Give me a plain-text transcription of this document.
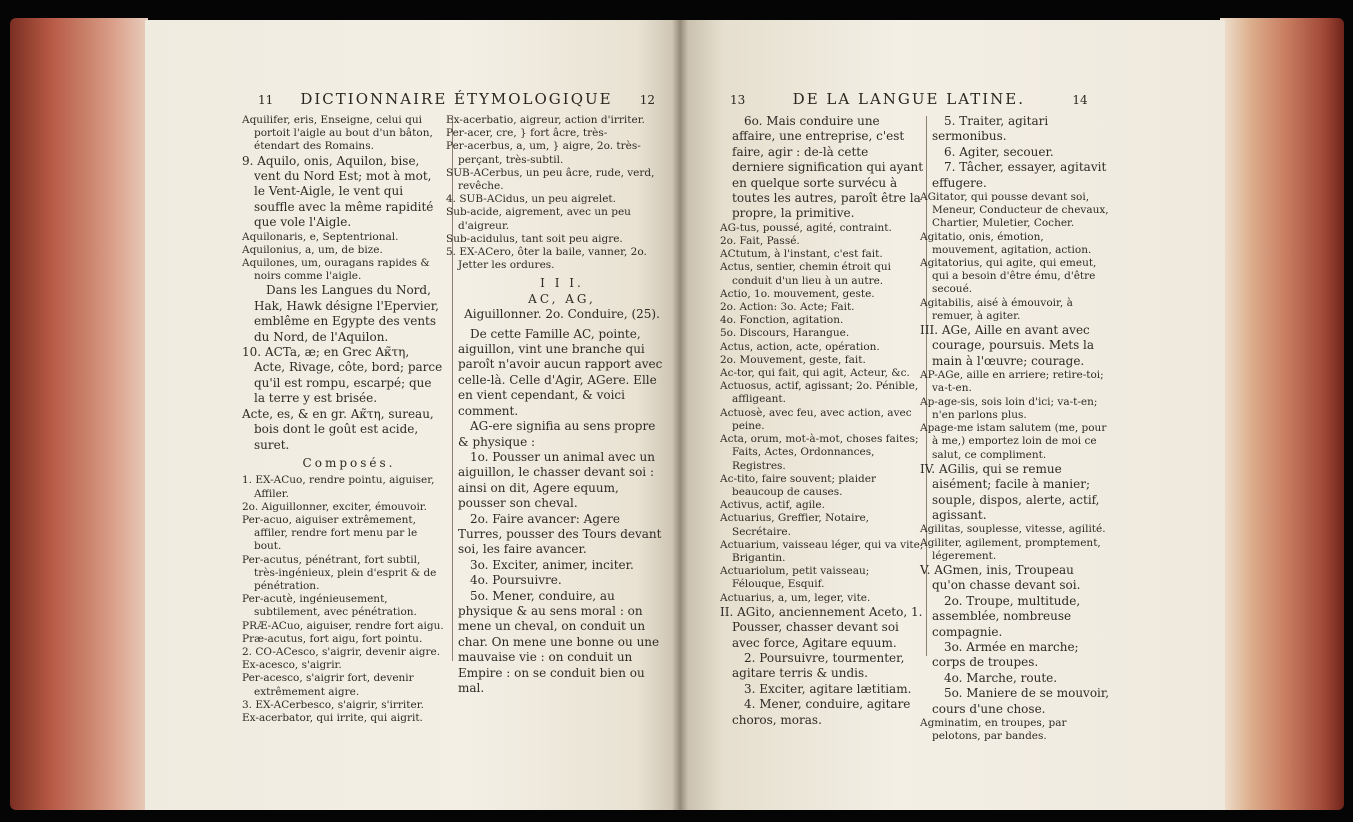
11 DICTIONNAIRE ÉTYMOLOGIQUE 12

Aquilifer, eris, Enseigne, celui qui portoit l'aigle au bout d'un bâton, étendart des Romains.

9. Aquilo, onis, Aquilon, bise, vent du Nord Est; mot à mot, le Vent-Aigle, le vent qui souffle avec la même rapidité que vole l'Aigle.

Aquilonaris, e, Septentrional.

Aquilonius, a, um, de bize.

Aquilones, um, ouragans rapides & noirs comme l'aigle.

Dans les Langues du Nord, Hak, Hawk désigne l'Epervier, emblême en Egypte des vents du Nord, de l'Aquilon.

10. ACTa, æ; en Grec Ακ̃τη, Acte, Rivage, côte, bord; parce qu'il est rompu, escarpé; que la terre y est brisée.

Acte, es, & en gr. Ακ̃τη, sureau, bois dont le goût est acide, suret.

Composés.

1. EX-ACuo, rendre pointu, aiguiser, Affiler.

2o. Aiguillonner, exciter, émouvoir.

Per-acuo, aiguiser extrêmement, affiler, rendre fort menu par le bout.

Per-acutus, pénétrant, fort subtil, très-ingénieux, plein d'esprit & de pénétration.

Per-acutè, ingénieusement, subtilement, avec pénétration.

PRÆ-ACuo, aiguiser, rendre fort aigu.

Præ-acutus, fort aigu, fort pointu.

2. CO-ACesco, s'aigrir, devenir aigre.

Ex-acesco, s'aigrir.

Per-acesco, s'aigrir fort, devenir extrêmement aigre.

3. EX-ACerbesco, s'aigrir, s'irriter.

Ex-acerbator, qui irrite, qui aigrit.

Ex-acerbatio, aigreur, action d'irriter.

Per-acer, cre, } fort âcre, très-

Per-acerbus, a, um, } aigre, 2o. très-perçant, très-subtil.

SUB-ACerbus, un peu âcre, rude, verd, revêche.

4. SUB-ACidus, un peu aigrelet.

Sub-acide, aigrement, avec un peu d'aigreur.

Sub-acidulus, tant soit peu aigre.

5. EX-ACero, ôter la baile, vanner, 2o. Jetter les ordures.

I I I.

AC, AG,

Aiguillonner. 2o. Conduire, (25).

De cette Famille AC, pointe, aiguillon, vint une branche qui paroît n'avoir aucun rapport avec celle-là. Celle d'Agir, AGere. Elle en vient cependant, & voici comment.

AG-ere signifia au sens propre & physique :

1o. Pousser un animal avec un aiguillon, le chasser devant soi : ainsi on dit, Agere equum, pousser son cheval.

2o. Faire avancer: Agere Turres, pousser des Tours devant soi, les faire avancer.

3o. Exciter, animer, inciter.

4o. Poursuivre.

5o. Mener, conduire, au physique & au sens moral : on mene un cheval, on conduit un char. On mene une bonne ou une mauvaise vie : on conduit un Empire : on se conduit bien ou mal.

13	DE LA LANGUE LATINE.	14

6o. Mais conduire une affaire, une entreprise, c'est faire, agir : de-là cette derniere signification qui ayant en quelque sorte survécu à toutes les autres, paroît être la propre, la primitive.

AG-tus, poussé, agité, contraint.

2o. Fait, Passé.

ACtutum, à l'instant, c'est fait.

Actus, sentier, chemin étroit qui conduit d'un lieu à un autre.

Actio, 1o. mouvement, geste.

2o. Action: 3o. Acte; Fait.

4o. Fonction, agitation.

5o. Discours, Harangue.

Actus, action, acte, opération.

2o. Mouvement, geste, fait.

Ac-tor, qui fait, qui agit, Acteur, &c.

Actuosus, actif, agissant; 2o. Pénible, affligeant.

Actuosè, avec feu, avec action, avec peine.

Acta, orum, mot-à-mot, choses faites; Faits, Actes, Ordonnances, Registres.

Ac-tito, faire souvent; plaider beaucoup de causes.

Activus, actif, agile.

Actuarius, Greffier, Notaire, Secrétaire.

Actuarium, vaisseau léger, qui va vite; Brigantin.

Actuariolum, petit vaisseau; Félouque, Esquif.

Actuarius, a, um, leger, vite.

II. AGito, anciennement Aceto, 1. Pousser, chasser devant soi avec force, Agitare equum.

2. Poursuivre, tourmenter, agitare terris & undis.

3. Exciter, agitare lætitiam.

4. Mener, conduire, agitare choros, moras.

5. Traiter, agitari sermonibus.

6. Agiter, secouer.

7. Tâcher, essayer, agitavit effugere.

AGitator, qui pousse devant soi, Meneur, Conducteur de chevaux, Chartier, Muletier, Cocher.

Agitatio, onis, émotion, mouvement, agitation, action.

Agitatorius, qui agite, qui emeut, qui a besoin d'être ému, d'être secoué.

Agitabilis, aisé à émouvoir, à remuer, à agiter.

III. AGe, Aille en avant avec courage, poursuis. Mets la main à l'œuvre; courage.

AP-AGe, aille en arriere; retire-toi; va-t-en.

Ap-age-sis, sois loin d'ici; va-t-en; n'en parlons plus.

Apage-me istam salutem (me, pour à me,) emportez loin de moi ce salut, ce compliment.

IV. AGilis, qui se remue aisément; facile à manier; souple, dispos, alerte, actif, agissant.

Agilitas, souplesse, vitesse, agilité.

Agiliter, agilement, promptement, légerement.

V. AGmen, inis, Troupeau qu'on chasse devant soi.

2o. Troupe, multitude, assemblée, nombreuse compagnie.

3o. Armée en marche; corps de troupes.

4o. Marche, route.

5o. Maniere de se mouvoir, cours d'une chose.

Agminatim, en troupes, par pelotons, par bandes.
